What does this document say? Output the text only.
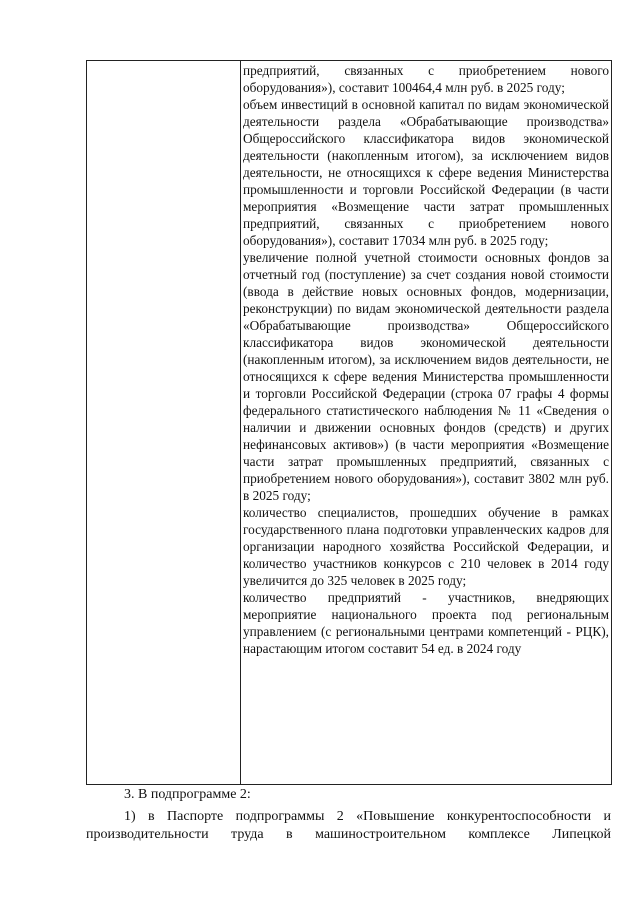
предприятий, связанных с приобретением нового оборудования»), составит 100464,4 млн руб. в 2025 году;
объем инвестиций в основной капитал по видам экономической деятельности раздела «Обрабатывающие производства» Общероссийского классификатора видов экономической деятельности (накопленным итогом), за исключением видов деятельности, не относящихся к сфере ведения Министерства промышленности и торговли Российской Федерации (в части мероприятия «Возмещение части затрат промышленных предприятий, связанных с приобретением нового оборудования»), составит 17034 млн руб. в 2025 году;
увеличение полной учетной стоимости основных фондов за отчетный год (поступление) за счет создания новой стоимости (ввода в действие новых основных фондов, модернизации, реконструкции) по видам экономической деятельности раздела «Обрабатывающие производства» Общероссийского классификатора видов экономической деятельности (накопленным итогом), за исключением видов деятельности, не относящихся к сфере ведения Министерства промышленности и торговли Российской Федерации (строка 07 графы 4 формы федерального статистического наблюдения № 11 «Сведения о наличии и движении основных фондов (средств) и других нефинансовых активов») (в части мероприятия «Возмещение части затрат промышленных предприятий, связанных с приобретением нового оборудования»), составит 3802 млн руб. в 2025 году;
количество специалистов, прошедших обучение в рамках государственного плана подготовки управленческих кадров для организации народного хозяйства Российской Федерации, и количество участников конкурсов с 210 человек в 2014 году увеличится до 325 человек в 2025 году;
количество предприятий - участников, внедряющих мероприятие национального проекта под региональным управлением (с региональными центрами компетенций - РЦК), нарастающим итогом составит 54 ед. в 2024 году
3. В подпрограмме 2:
1) в Паспорте подпрограммы 2 «Повышение конкурентоспособности и производительности труда в машиностроительном комплексе Липецкой
